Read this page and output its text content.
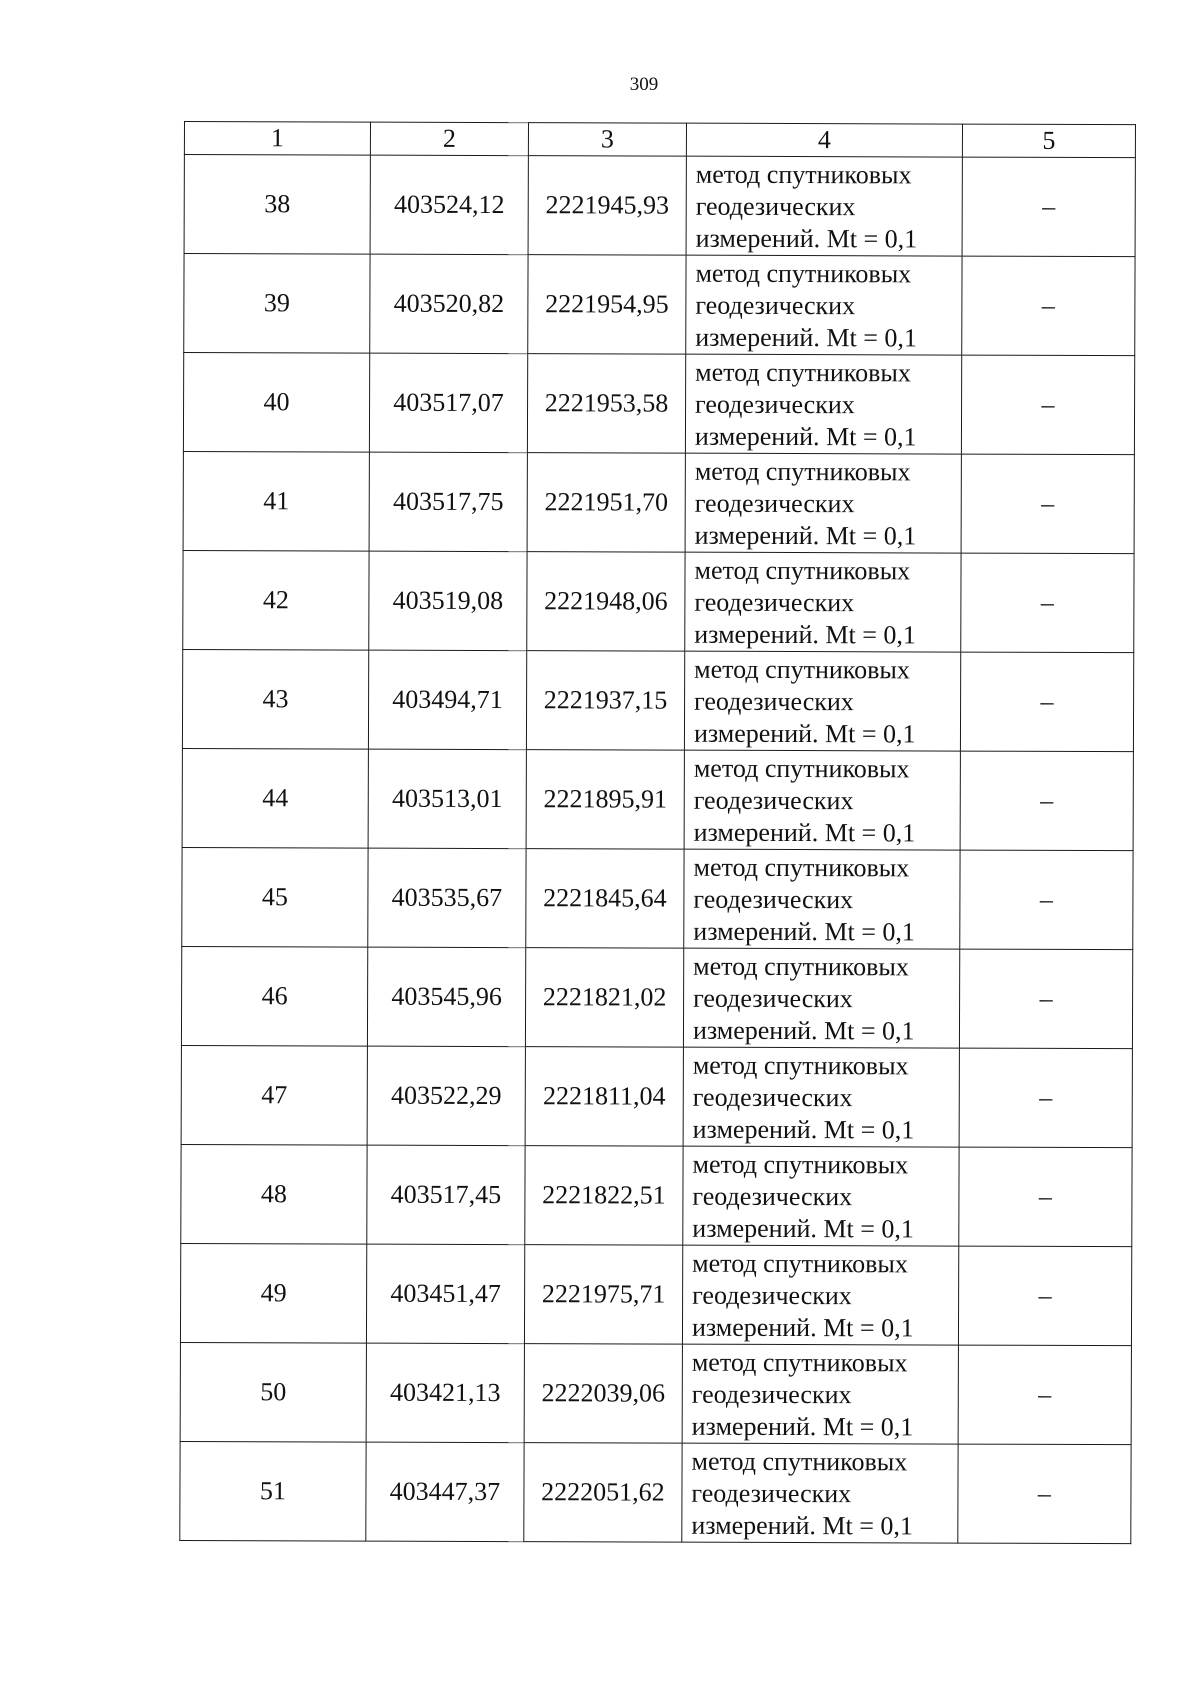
309
1	2	3	4	5
38	403524,12	2221945,93	метод спутниковых
геодезических
измерений. Mt = 0,1	–
39	403520,82	2221954,95	метод спутниковых
геодезических
измерений. Mt = 0,1	–
40	403517,07	2221953,58	метод спутниковых
геодезических
измерений. Mt = 0,1	–
41	403517,75	2221951,70	метод спутниковых
геодезических
измерений. Mt = 0,1	–
42	403519,08	2221948,06	метод спутниковых
геодезических
измерений. Mt = 0,1	–
43	403494,71	2221937,15	метод спутниковых
геодезических
измерений. Mt = 0,1	–
44	403513,01	2221895,91	метод спутниковых
геодезических
измерений. Mt = 0,1	–
45	403535,67	2221845,64	метод спутниковых
геодезических
измерений. Mt = 0,1	–
46	403545,96	2221821,02	метод спутниковых
геодезических
измерений. Mt = 0,1	–
47	403522,29	2221811,04	метод спутниковых
геодезических
измерений. Mt = 0,1	–
48	403517,45	2221822,51	метод спутниковых
геодезических
измерений. Mt = 0,1	–
49	403451,47	2221975,71	метод спутниковых
геодезических
измерений. Mt = 0,1	–
50	403421,13	2222039,06	метод спутниковых
геодезических
измерений. Mt = 0,1	–
51	403447,37	2222051,62	метод спутниковых
геодезических
измерений. Mt = 0,1	–
